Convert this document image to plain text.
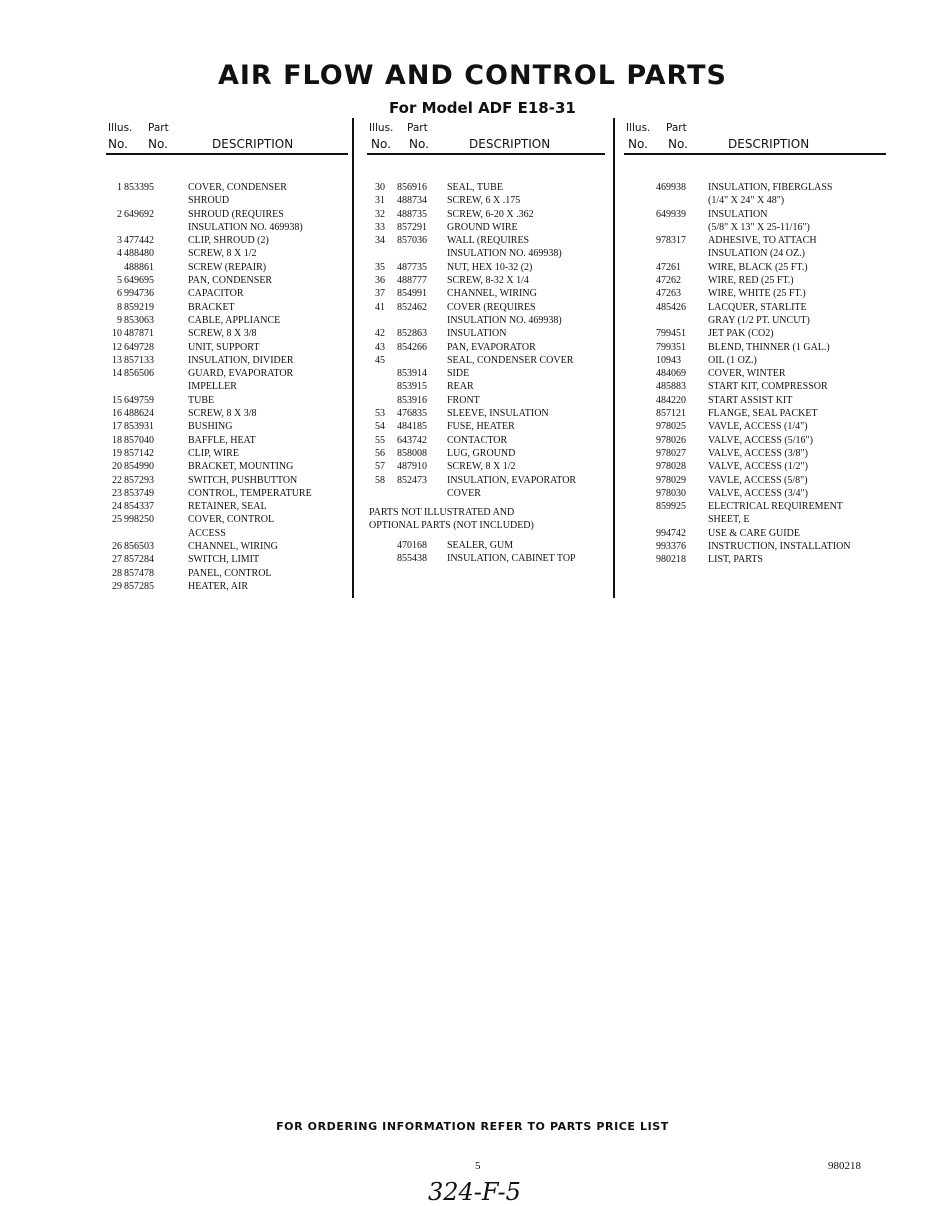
AIR FLOW AND CONTROL PARTS
For Model ADF E18-31
Illus. Part
No. No.	DESCRIPTION
1 853395	COVER, CONDENSER
SHROUD
2 649692	SHROUD (REQUIRES
INSULATION NO. 469938)
3 477442	CLIP, SHROUD (2)
4 488480	SCREW, 8 X 1/2
488861	SCREW (REPAIR)
5 649695	PAN, CONDENSER
6 994736	CAPACITOR
8 859219	BRACKET
9 853063	CABLE, APPLIANCE
10 487871	SCREW, 8 X 3/8
12 649728	UNIT, SUPPORT
13 857133	INSULATION, DIVIDER
14 856506	GUARD, EVAPORATOR
IMPELLER
15 649759	TUBE
16 488624	SCREW, 8 X 3/8
17 853931	BUSHING
18 857040	BAFFLE, HEAT
19 857142	CLIP, WIRE
20 854990	BRACKET, MOUNTING
22 857293	SWITCH, PUSHBUTTON
23 853749	CONTROL, TEMPERATURE
24 854337	RETAINER, SEAL
25 998250	COVER, CONTROL
ACCESS
26 856503	CHANNEL, WIRING
27 857284	SWITCH, LIMIT
28 857478	PANEL, CONTROL
29 857285	HEATER, AIR
Illus. Part
No. No.	DESCRIPTION
30 856916 SEAL, TUBE
31 488734 SCREW, 6 X .175
32 488735 SCREW, 6-20 X .362
33 857291 GROUND WIRE
34 857036 WALL (REQUIRES
INSULATION NO. 469938)
35 487735 NUT, HEX 10-32 (2)
36 488777 SCREW, 8-32 X 1/4
37 854991 CHANNEL, WIRING
41 852462 COVER (REQUIRES
INSULATION NO. 469938)
42 852863 INSULATION
43 854266 PAN, EVAPORATOR
45	SEAL, CONDENSER COVER
853914 SIDE
853915 REAR
853916 FRONT
53 476835 SLEEVE, INSULATION
54 484185 FUSE, HEATER
55 643742 CONTACTOR
56 858008 LUG, GROUND
57 487910 SCREW, 8 X 1/2
58 852473 INSULATION, EVAPORATOR
COVER
PARTS NOT ILLUSTRATED AND
OPTIONAL PARTS (NOT INCLUDED)
470168 SEALER, GUM
855438 INSULATION, CABINET TOP
Illus. Part
No. No.	DESCRIPTION
469938 INSULATION, FIBERGLASS
(1/4" X 24" X 48")
649939 INSULATION
(5/8" X 13" X 25-11/16")
978317 ADHESIVE, TO ATTACH
INSULATION (24 OZ.)
47261	WIRE, BLACK (25 FT.)
47262	WIRE, RED (25 FT.)
47263	WIRE, WHITE (25 FT.)
485426 LACQUER, STARLITE
GRAY (1/2 PT. UNCUT)
799451 JET PAK (CO2)
799351 BLEND, THINNER (1 GAL.)
10943	OIL (1 OZ.)
484069 COVER, WINTER
485883 START KIT, COMPRESSOR
484220 START ASSIST KIT
857121 FLANGE, SEAL PACKET
978025 VAVLE, ACCESS (1/4")
978026 VALVE, ACCESS (5/16")
978027 VALVE, ACCESS (3/8")
978028 VALVE, ACCESS (1/2")
978029 VAVLE, ACCESS (5/8")
978030 VALVE, ACCESS (3/4")
859925 ELECTRICAL REQUIREMENT
SHEET, E
994742 USE & CARE GUIDE
993376 INSTRUCTION, INSTALLATION
980218 LIST, PARTS
FOR ORDERING INFORMATION REFER TO PARTS PRICE LIST
5	980218
324-F-5
